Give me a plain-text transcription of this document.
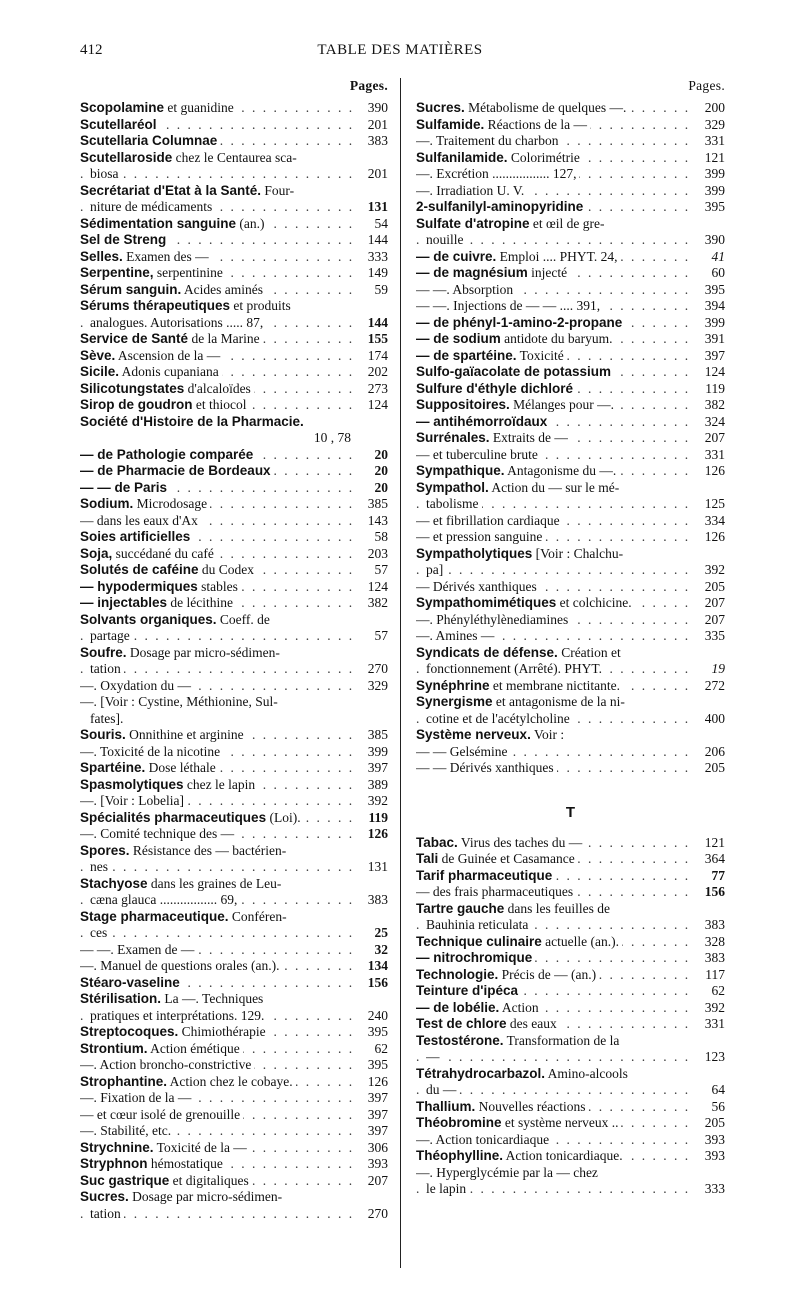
412	TABLE DES MATIÈRES
Pages.
Scopolamine et guanidine . . .	390
Scutellaréol . . .	201
Scutellaria Columnae . . .	383
Scutellaroside chez le Centaurea sca-
biosa . . .	201
Secrétariat d'Etat à la Santé. Four-
niture de médicaments . . .	131
Sédimentation sanguine (an.) . . .	54
Sel de Streng . . .	144
Selles. Examen des — . . .	333
Serpentine, serpentinine . . .	149
Sérum sanguin. Acides aminés . . .	59
Sérums thérapeutiques et produits
analogues. Autorisations ..... 87, . . .	144
Service de Santé de la Marine . . .	155
Sève. Ascension de la — . . .	174
Sicile. Adonis cupaniana . . .	202
Silicotungstates d'alcaloïdes . . .	273
Sirop de goudron et thiocol . . .	124
Société d'Histoire de la Pharmacie.
10 , 78
— de Pathologie comparée . . .	20
— de Pharmacie de Bordeaux . . .	20
— — de Paris . . .	20
Sodium. Microdosage . . .	385
— dans les eaux d'Ax . . .	143
Soies artificielles . . .	58
Soja, succédané du café . . .	203
Solutés de caféine du Codex . . .	57
— hypodermiques stables . . .	124
— injectables de lécithine . . .	382
Solvants organiques. Coeff. de
partage . . .	57
Soufre. Dosage par micro-sédimen-
tation . . .	270
—. Oxydation du — . . .	329
—. [Voir : Cystine, Méthionine, Sul-
fates].
Souris. Onnithine et arginine . . .	385
—. Toxicité de la nicotine . . .	399
Spartéine. Dose léthale . . .	397
Spasmolytiques chez le lapin . . .	389
—. [Voir : Lobelia] . . .	392
Spécialités pharmaceutiques (Loi). . . .	119
—. Comité technique des — . . .	126
Spores. Résistance des — bactérien-
nes . . .	131
Stachyose dans les graines de Leu-
cæna glauca ................. 69, . . .	383
Stage pharmaceutique. Conféren-
ces . . .	25
— —. Examen de — . . .	32
—. Manuel de questions orales (an.). . . .	134
Stéaro-vaseline . . .	156
Stérilisation. La —. Techniques
pratiques et interprétations. 129. . . .	240
Streptocoques. Chimiothérapie . . .	395
Strontium. Action émétique . . .	62
—. Action broncho-constrictive . . .	395
Strophantine. Action chez le cobaye. . . .	126
—. Fixation de la — . . .	397
— et cœur isolé de grenouille . . .	397
—. Stabilité, etc. . . .	397
Strychnine. Toxicité de la — . . .	306
Stryphnon hémostatique . . .	393
Suc gastrique et digitaliques . . .	207
Sucres. Dosage par micro-sédimen-
tation . . .	270
Pages.
Sucres. Métabolisme de quelques —. . . .	200
Sulfamide. Réactions de la — . . .	329
—. Traitement du charbon . . .	331
Sulfanilamide. Colorimétrie . . .	121
—. Excrétion ................. 127, . . .	399
—. Irradiation U. V. . . .	399
2-sulfanilyl-aminopyridine . . .	395
Sulfate d'atropine et œil de gre-
nouille . . .	390
— de cuivre. Emploi .... PHYT. 24, . . .	41
— de magnésium injecté . . .	60
— —. Absorption . . .	395
— —. Injections de — — .... 391, . . .	394
— de phényl-1-amino-2-propane . . .	399
— de sodium antidote du baryum. . . .	391
— de spartéine. Toxicité . . .	397
Sulfo-gaïacolate de potassium . . .	124
Sulfure d'éthyle dichloré . . .	119
Suppositoires. Mélanges pour —. . . .	382
— antihémorroïdaux . . .	324
Surrénales. Extraits de — . . .	207
— et tuberculine brute . . .	331
Sympathique. Antagonisme du —. . . .	126
Sympathol. Action du — sur le mé-
tabolisme . . .	125
— et fibrillation cardiaque . . .	334
— et pression sanguine . . .	126
Sympatholytiques [Voir : Chalchu-
pa] . . .	392
— Dérivés xanthiques . . .	205
Sympathomimétiques et colchicine. . . .	207
—. Phényléthylènediamines . . .	207
—. Amines — . . .	335
Syndicats de défense. Création et
fonctionnement (Arrêté). PHYT. . . .	19
Synéphrine et membrane nictitante. . . .	272
Synergisme et antagonisme de la ni-
cotine et de l'acétylcholine . . .	400
Système nerveux. Voir :
— — Gelsémine . . .	206
— — Dérivés xanthiques . . .	205
T
Tabac. Virus des taches du — . . .	121
Tali de Guinée et Casamance . . .	364
Tarif pharmaceutique . . .	77
— des frais pharmaceutiques . . .	156
Tartre gauche dans les feuilles de
Bauhinia reticulata . . .	383
Technique culinaire actuelle (an.). . . .	328
— nitrochromique . . .	383
Technologie. Précis de — (an.) . . .	117
Teinture d'ipéca . . .	62
— de lobélie. Action . . .	392
Test de chlore des eaux . . .	331
Testostérone. Transformation de la
— . . .	123
Tétrahydrocarbazol. Amino-alcools
du — . . .	64
Thallium. Nouvelles réactions . . .	56
Théobromine et système nerveux .. . . .	205
—. Action tonicardiaque . . .	393
Théophylline. Action tonicardiaque. . . .	393
—. Hyperglycémie par la — chez
le lapin . . .	333
